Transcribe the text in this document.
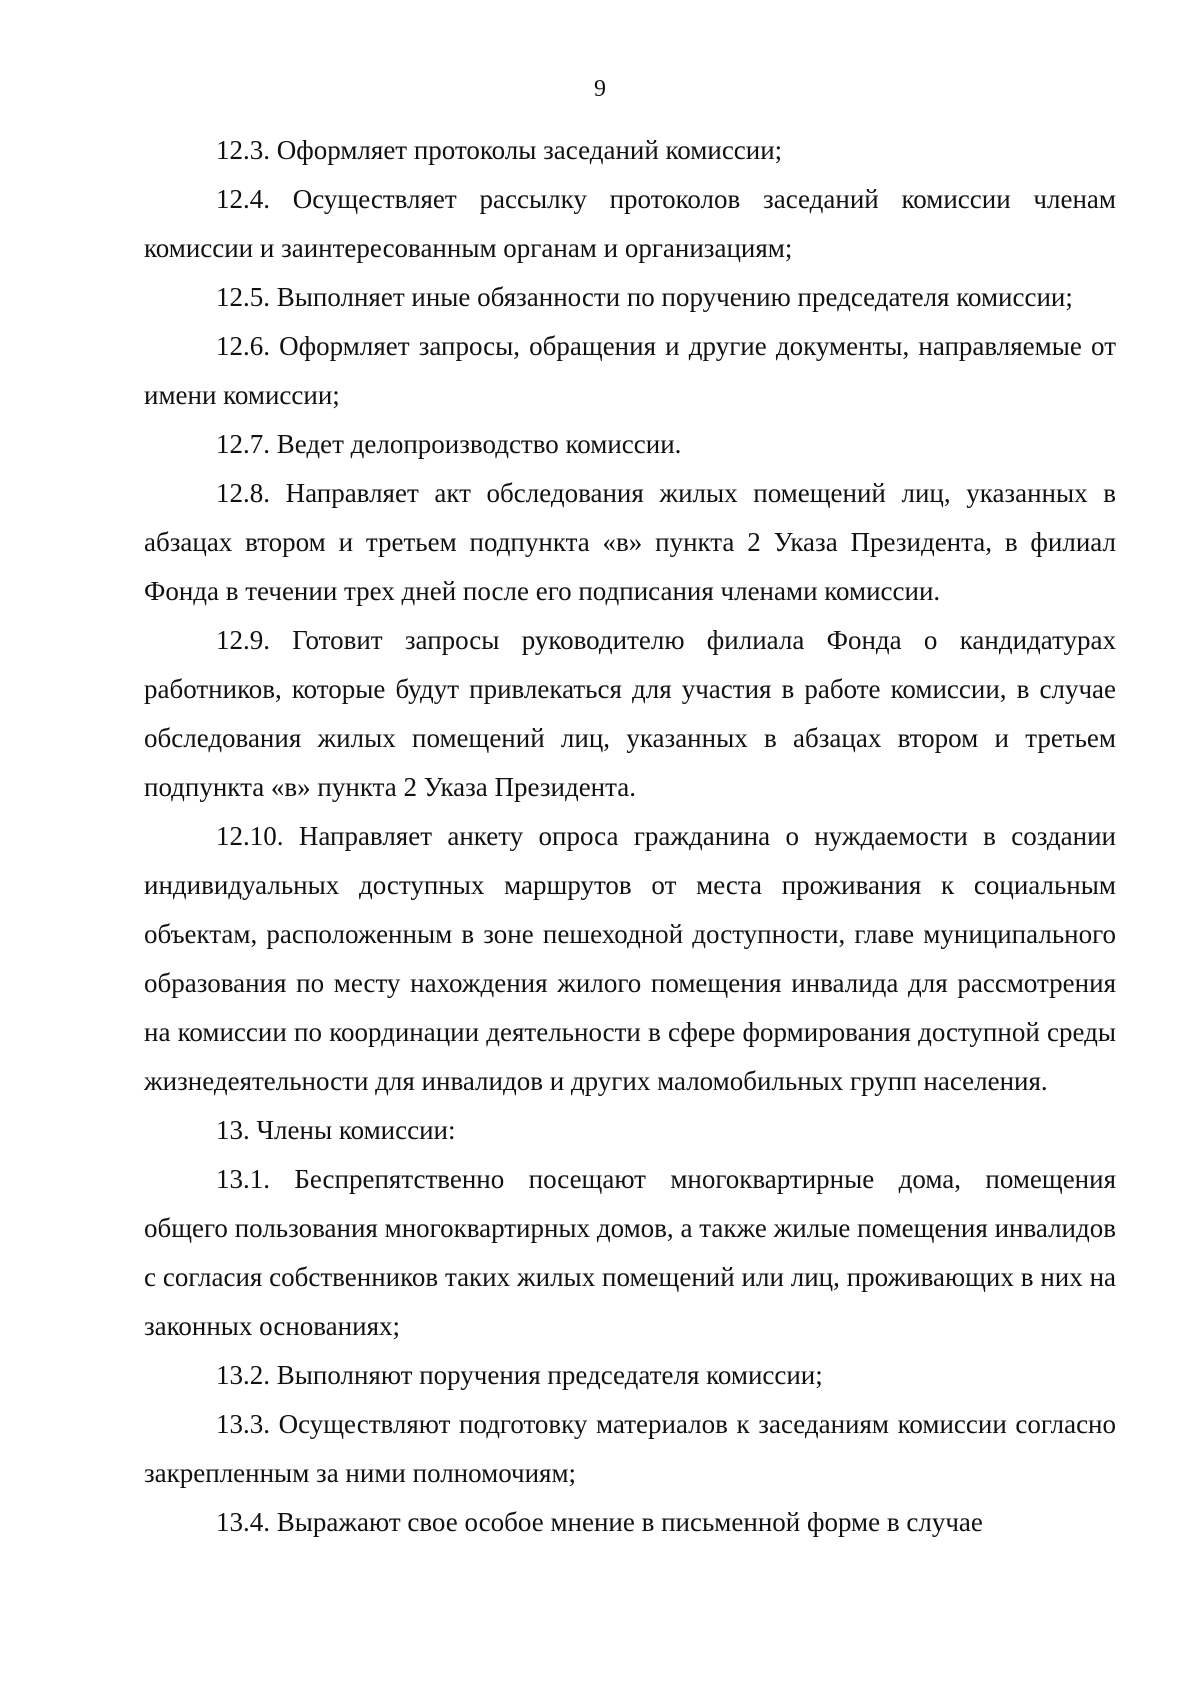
9

12.3. Оформляет протоколы заседаний комиссии;

12.4. Осуществляет рассылку протоколов заседаний комиссии членам комиссии и заинтересованным органам и организациям;

12.5. Выполняет иные обязанности по поручению председателя комиссии;

12.6. Оформляет запросы, обращения и другие документы, направляемые от имени комиссии;

12.7. Ведет делопроизводство комиссии.

12.8. Направляет акт обследования жилых помещений лиц, указанных в абзацах втором и третьем подпункта «в» пункта 2 Указа Президента, в филиал Фонда в течении трех дней после его подписания членами комиссии.

12.9. Готовит запросы руководителю филиала Фонда о кандидатурах работников, которые будут привлекаться для участия в работе комиссии, в случае обследования жилых помещений лиц, указанных в абзацах втором и третьем подпункта «в» пункта 2 Указа Президента.

12.10. Направляет анкету опроса гражданина о нуждаемости в создании индивидуальных доступных маршрутов от места проживания к социальным объектам, расположенным в зоне пешеходной доступности, главе муниципального образования по месту нахождения жилого помещения инвалида для рассмотрения на комиссии по координации деятельности в сфере формирования доступной среды жизнедеятельности для инвалидов и других маломобильных групп населения.

13. Члены комиссии:

13.1. Беспрепятственно посещают многоквартирные дома, помещения общего пользования многоквартирных домов, а также жилые помещения инвалидов с согласия собственников таких жилых помещений или лиц, проживающих в них на законных основаниях;

13.2. Выполняют поручения председателя комиссии;

13.3. Осуществляют подготовку материалов к заседаниям комиссии согласно закрепленным за ними полномочиям;

13.4. Выражают свое особое мнение в письменной форме в случае
